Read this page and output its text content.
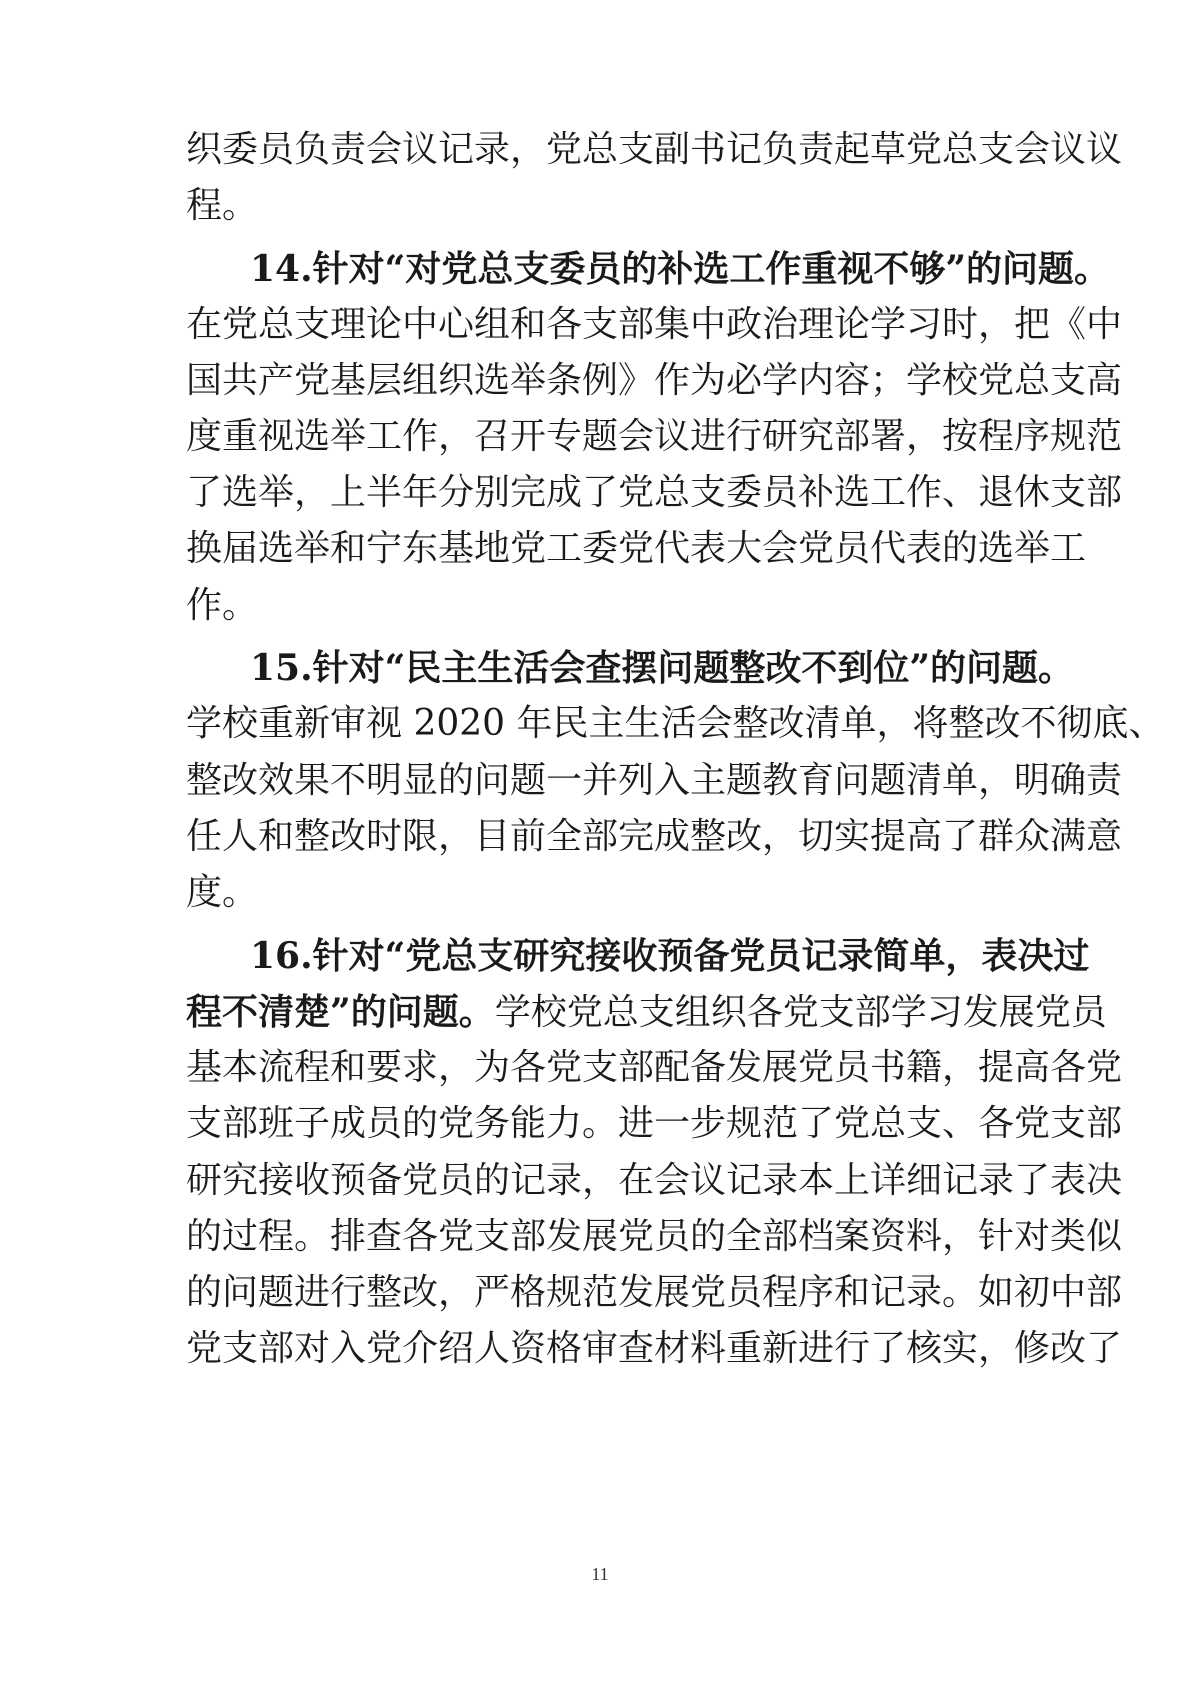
织委员负责会议记录，党总支副书记负责起草党总支会议议
程。
14.针对“对党总支委员的补选工作重视不够”的问题。
在党总支理论中心组和各支部集中政治理论学习时，把《中
国共产党基层组织选举条例》作为必学内容；学校党总支高
度重视选举工作，召开专题会议进行研究部署，按程序规范
了选举，上半年分别完成了党总支委员补选工作、退休支部
换届选举和宁东基地党工委党代表大会党员代表的选举工
作。
15.针对“民主生活会查摆问题整改不到位”的问题。
学校重新审视 2020 年民主生活会整改清单，将整改不彻底、
整改效果不明显的问题一并列入主题教育问题清单，明确责
任人和整改时限，目前全部完成整改，切实提高了群众满意
度。
16.针对“党总支研究接收预备党员记录简单，表决过
程不清楚”的问题。学校党总支组织各党支部学习发展党员
基本流程和要求，为各党支部配备发展党员书籍，提高各党
支部班子成员的党务能力。进一步规范了党总支、各党支部
研究接收预备党员的记录，在会议记录本上详细记录了表决
的过程。排查各党支部发展党员的全部档案资料，针对类似
的问题进行整改，严格规范发展党员程序和记录。如初中部
党支部对入党介绍人资格审查材料重新进行了核实，修改了
11
